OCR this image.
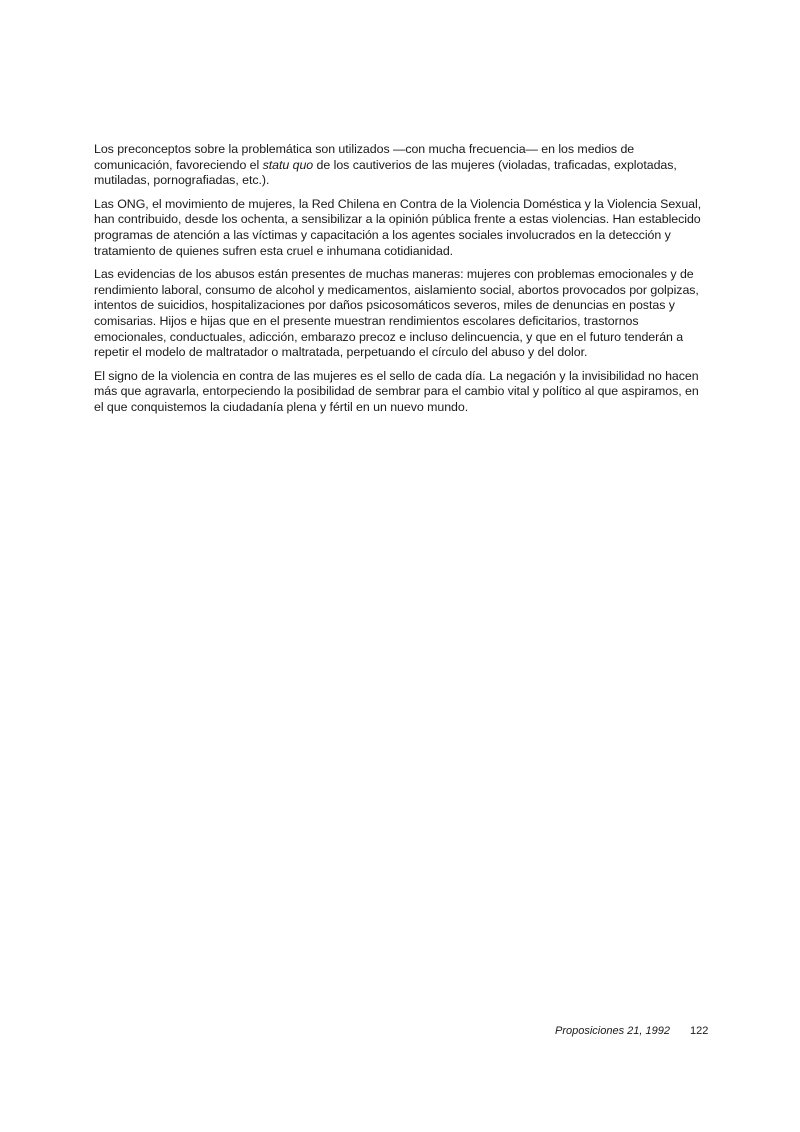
Los preconceptos sobre la problemática son utilizados —con mucha frecuencia— en los medios de comunicación, favoreciendo el statu quo de los cautiverios de las mujeres (violadas, traficadas, explotadas, mutiladas, pornografiadas, etc.).

Las ONG, el movimiento de mujeres, la Red Chilena en Contra de la Violencia Doméstica y la Violencia Sexual, han contribuido, desde los ochenta, a sensibilizar a la opinión pública frente a estas violencias. Han establecido programas de atención a las víctimas y capacitación a los agentes sociales involucrados en la detección y tratamiento de quienes sufren esta cruel e inhumana cotidianidad.

Las evidencias de los abusos están presentes de muchas maneras: mujeres con problemas emocionales y de rendimiento laboral, consumo de alcohol y medicamentos, aislamiento social, abortos provocados por golpizas, intentos de suicidios, hospitalizaciones por daños psicosomáticos severos, miles de denuncias en postas y comisarias. Hijos e hijas que en el presente muestran rendimientos escolares deficitarios, trastornos emocionales, conductuales, adicción, embarazo precoz e incluso delincuencia, y que en el futuro tenderán a repetir el modelo de maltratador o maltratada, perpetuando el círculo del abuso y del dolor.

El signo de la violencia en contra de las mujeres es el sello de cada día. La negación y la invisibilidad no hacen más que agravarla, entorpeciendo la posibilidad de sembrar para el cambio vital y político al que aspiramos, en el que conquistemos la ciudadanía plena y fértil en un nuevo mundo.

Proposiciones 21, 1992 122
